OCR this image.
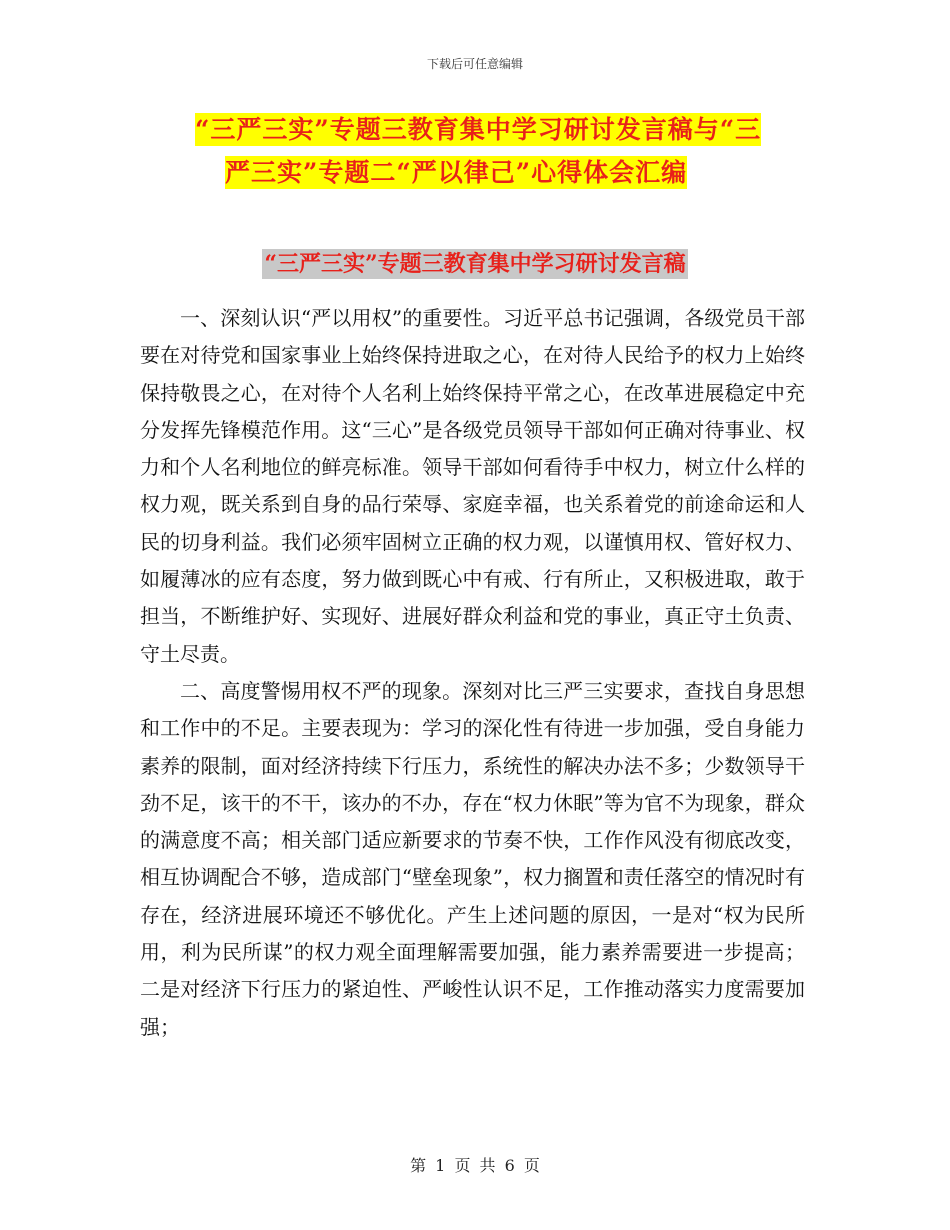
下载后可任意编辑
“三严三实”专题三教育集中学习研讨发言稿与“三
严三实”专题二“严以律己”心得体会汇编
“三严三实”专题三教育集中学习研讨发言稿

一、深刻认识“严以用权”的重要性。习近平总书记强调，各级党员干部要在对待党和国家事业上始终保持进取之心，在对待人民给予的权力上始终保持敬畏之心，在对待个人名利上始终保持平常之心，在改革进展稳定中充分发挥先锋模范作用。这“三心”是各级党员领导干部如何正确对待事业、权力和个人名利地位的鲜亮标准。领导干部如何看待手中权力，树立什么样的权力观，既关系到自身的品行荣辱、家庭幸福，也关系着党的前途命运和人民的切身利益。我们必须牢固树立正确的权力观，以谨慎用权、管好权力、如履薄冰的应有态度，努力做到既心中有戒、行有所止，又积极进取，敢于担当，不断维护好、实现好、进展好群众利益和党的事业，真正守土负责、守土尽责。

二、高度警惕用权不严的现象。深刻对比三严三实要求，查找自身思想和工作中的不足。主要表现为：学习的深化性有待进一步加强，受自身能力素养的限制，面对经济持续下行压力，系统性的解决办法不多；少数领导干劲不足，该干的不干，该办的不办，存在“权力休眠”等为官不为现象，群众的满意度不高；相关部门适应新要求的节奏不快，工作作风没有彻底改变，相互协调配合不够，造成部门“壁垒现象”，权力搁置和责任落空的情况时有存在，经济进展环境还不够优化。产生上述问题的原因，一是对“权为民所用，利为民所谋”的权力观全面理解需要加强，能力素养需要进一步提高；二是对经济下行压力的紧迫性、严峻性认识不足，工作推动落实力度需要加强；

第 1 页 共 6 页
